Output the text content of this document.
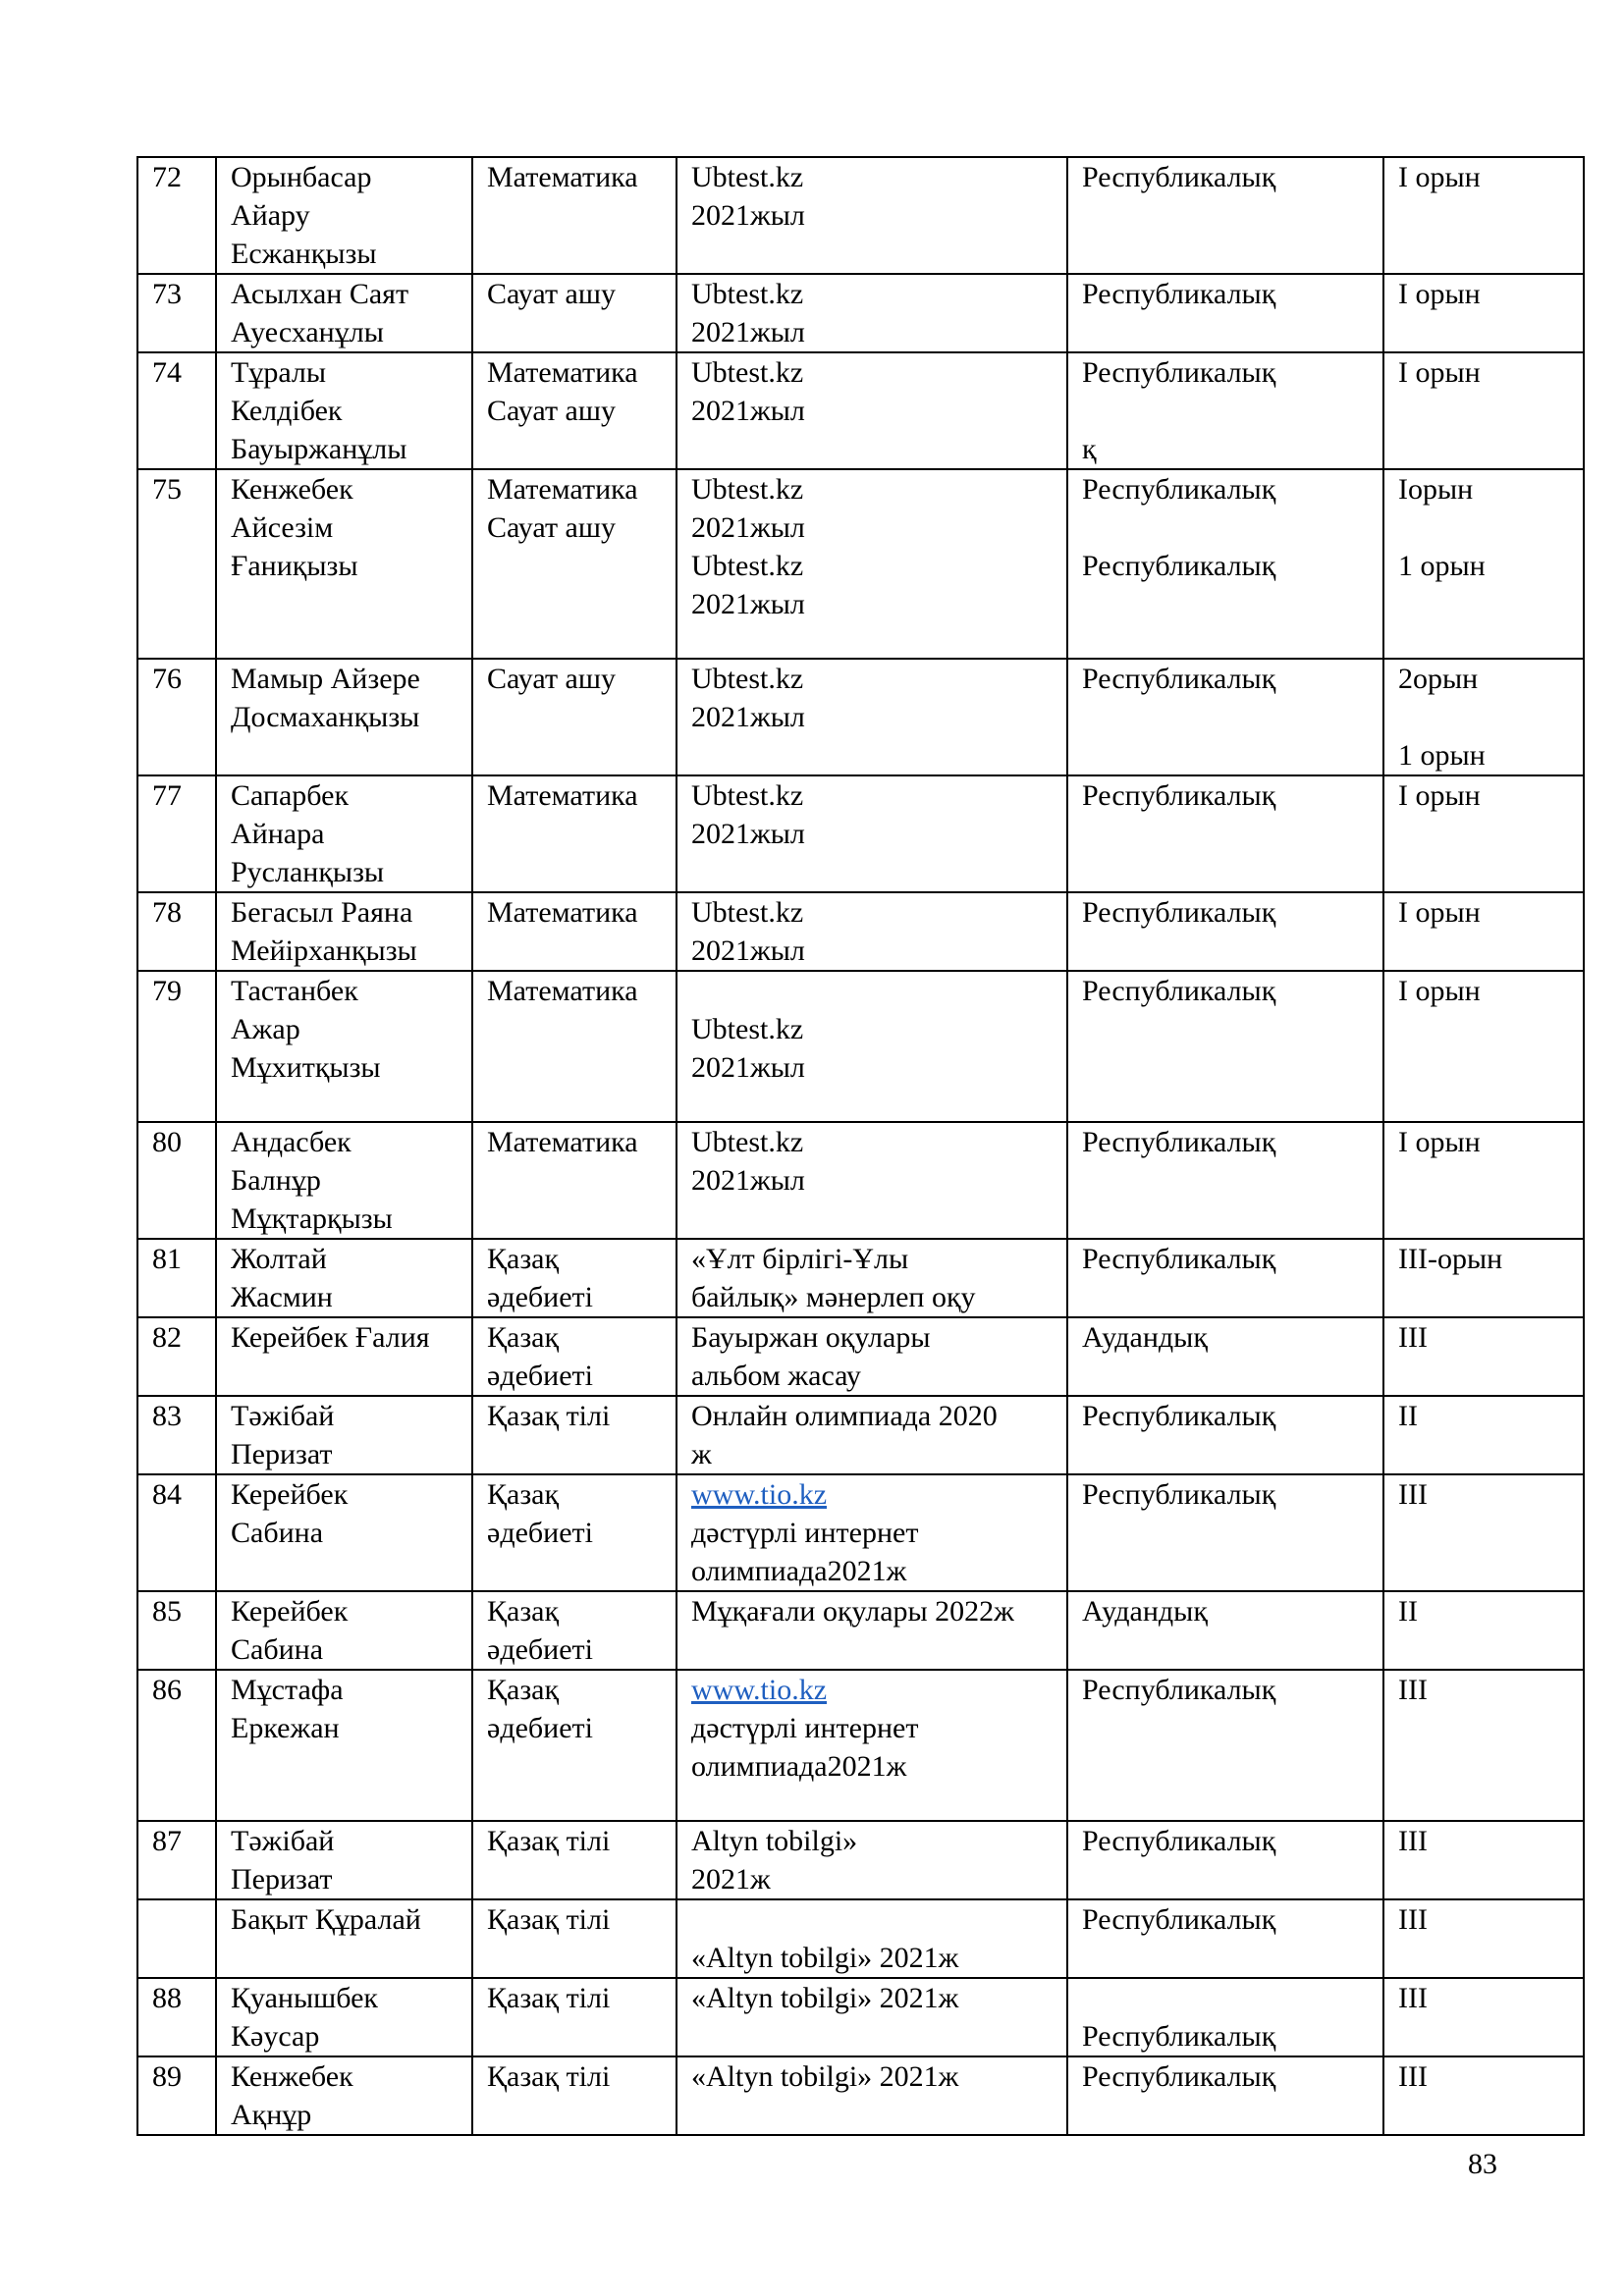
72	Орынбасар
Айару
Есжанқызы	Математика	Ubtest.kz
2021жыл	Республикалық	І орын

73	Асылхан Саят
Ауесханұлы	Сауат ашу	Ubtest.kz
2021жыл	Республикалық	І орын

74	Тұралы
Келдібек
Бауыржанұлы	Математика
Сауат ашу	Ubtest.kz
2021жыл	Республикалық
қ	І орын

75	Кенжебек
Айсезім
Ғаниқызы	Математика
Сауат ашу	Ubtest.kz
2021жыл
Ubtest.kz
2021жыл	Республикалық
Республикалық	Іорын
1 орын

76	Мамыр Айзере
Досмаханқызы	Сауат ашу	Ubtest.kz
2021жыл	Республикалық	2орын
1 орын

77	Сапарбек
Айнара
Русланқызы	Математика	Ubtest.kz
2021жыл	Республикалық	І орын

78	Бегасыл Раяна
Мейірханқызы	Математика	Ubtest.kz
2021жыл	Республикалық	І орын

79	Тастанбек
Ажар
Мұхитқызы	Математика	Ubtest.kz
2021жыл	Республикалық	І орын

80	Андасбек
Балнұр
Мұқтарқызы	Математика	Ubtest.kz
2021жыл	Республикалық	І орын

81	Жолтай
Жасмин	Қазақ
әдебиеті	«Ұлт бірлігі-Ұлы
байлық» мәнерлеп оқу	Республикалық	ІІІ-орын

82	Керейбек Ғалия	Қазақ
әдебиеті	Бауыржан оқулары
альбом жасау	Аудандық	ІІІ

83	Тәжібай
Перизат	Қазақ тілі	Онлайн олимпиада 2020
ж	Республикалық	ІІ

84	Керейбек
Сабина	Қазақ
әдебиеті	www.tio.kz
дәстүрлі интернет
олимпиада2021ж	Республикалық	ІІІ

85	Керейбек
Сабина	Қазақ
әдебиеті	Мұқағали оқулары 2022ж	Аудандық	ІІ

86	Мұстафа
Еркежан	Қазақ
әдебиеті	www.tio.kz
дәстүрлі интернет
олимпиада2021ж	Республикалық	ІІІ

87	Тәжібай
Перизат	Қазақ тілі	Altyn tobilgi»
2021ж	Республикалық	ІІІ

	Бақыт Құралай	Қазақ тілі	«Altyn tobilgi» 2021ж	Республикалық	ІІІ

88	Қуанышбек
Кәусар	Қазақ тілі	«Altyn tobilgi» 2021ж	Республикалық	ІІІ

89	Кенжебек
Ақнұр	Қазақ тілі	«Altyn tobilgi» 2021ж	Республикалық	ІІІ
83
